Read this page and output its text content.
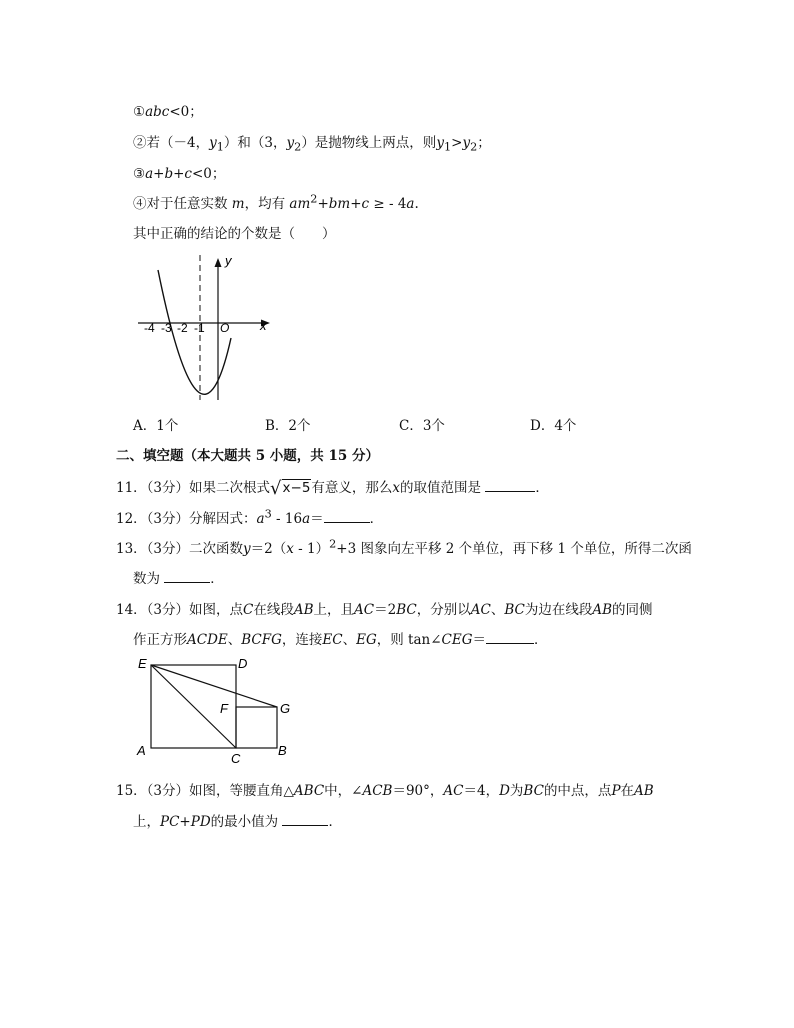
①abc<0；
②若（－4，$y_1$）和（3，$y_2$）是抛物线上两点，则$y_1>y_2$；
③a+b+c<0；
④对于任意实数 m，均有 $am^2+bm+c$ ≥ - 4a.
其中正确的结论的个数是（　　）
-4 -3 -2 -1 O x
y
A．1个	B．2个	C．3个	D．4个
二、填空题（本大题共 5 小题，共 15 分）
11．（3分）如果二次根式√x−5有意义，那么x的取值范围是	．
12．（3分）分解因式：$a^3 - 16a=$	．
13．（3分）二次函数y＝2（x - 1）$^2$+3 图象向左平移 2 个单位，再下移 1 个单位，所得二次函
数为	．
14．（3分）如图，点C在线段AB上，且AC＝2BC，分别以AC、BC为边在线段AB的同侧
作正方形ACDE、BCFG，连接EC、EG，则 tan∠CEG＝	．
E	D
F	G
A
C
B
15．（3分）如图，等腰直角△ABC中，∠ACB＝90°，AC＝4，D为BC的中点，点P在AB
上，PC+PD的最小值为	．
